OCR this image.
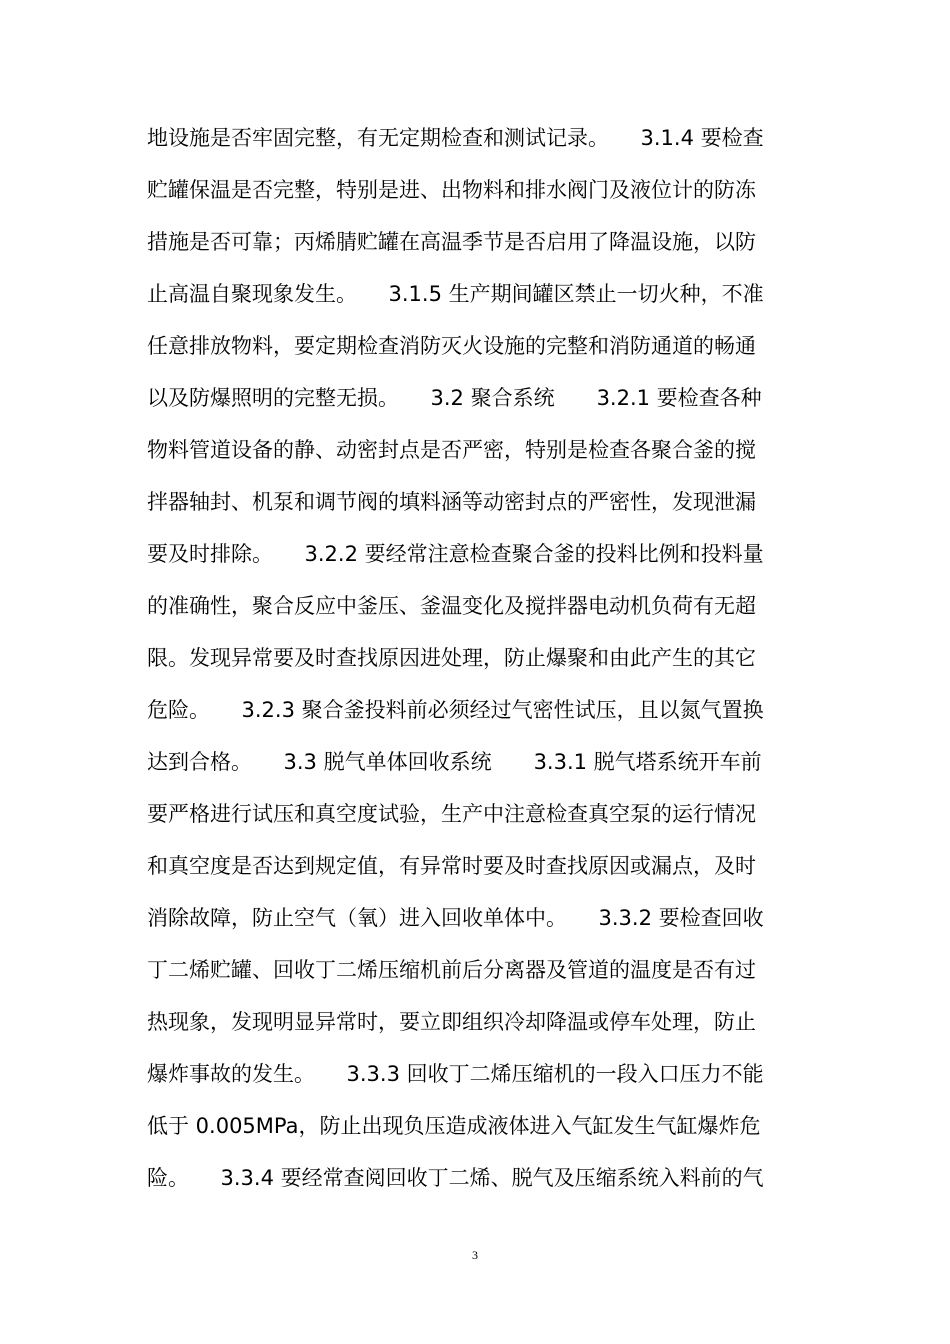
地设施是否牢固完整，有无定期检查和测试记录。　　3.1.4 要检查
贮罐保温是否完整，特别是进、出物料和排水阀门及液位计的防冻
措施是否可靠；丙烯腈贮罐在高温季节是否启用了降温设施，以防
止高温自聚现象发生。　　3.1.5 生产期间罐区禁止一切火种，不准
任意排放物料，要定期检查消防灭火设施的完整和消防通道的畅通
以及防爆照明的完整无损。　　3.2 聚合系统　　3.2.1 要检查各种
物料管道设备的静、动密封点是否严密，特别是检查各聚合釜的搅
拌器轴封、机泵和调节阀的填料涵等动密封点的严密性，发现泄漏
要及时排除。　　3.2.2 要经常注意检查聚合釜的投料比例和投料量
的准确性，聚合反应中釜压、釜温变化及搅拌器电动机负荷有无超
限。发现异常要及时查找原因进处理，防止爆聚和由此产生的其它
危险。　　3.2.3 聚合釜投料前必须经过气密性试压，且以氮气置换
达到合格。　　3.3 脱气单体回收系统　　3.3.1 脱气塔系统开车前
要严格进行试压和真空度试验，生产中注意检查真空泵的运行情况
和真空度是否达到规定值，有异常时要及时查找原因或漏点，及时
消除故障，防止空气（氧）进入回收单体中。　　3.3.2 要检查回收
丁二烯贮罐、回收丁二烯压缩机前后分离器及管道的温度是否有过
热现象，发现明显异常时，要立即组织冷却降温或停车处理，防止
爆炸事故的发生。　　3.3.3 回收丁二烯压缩机的一段入口压力不能
低于 0.005MPa，防止出现负压造成液体进入气缸发生气缸爆炸危
险。　　3.3.4 要经常查阅回收丁二烯、脱气及压缩系统入料前的气
3
